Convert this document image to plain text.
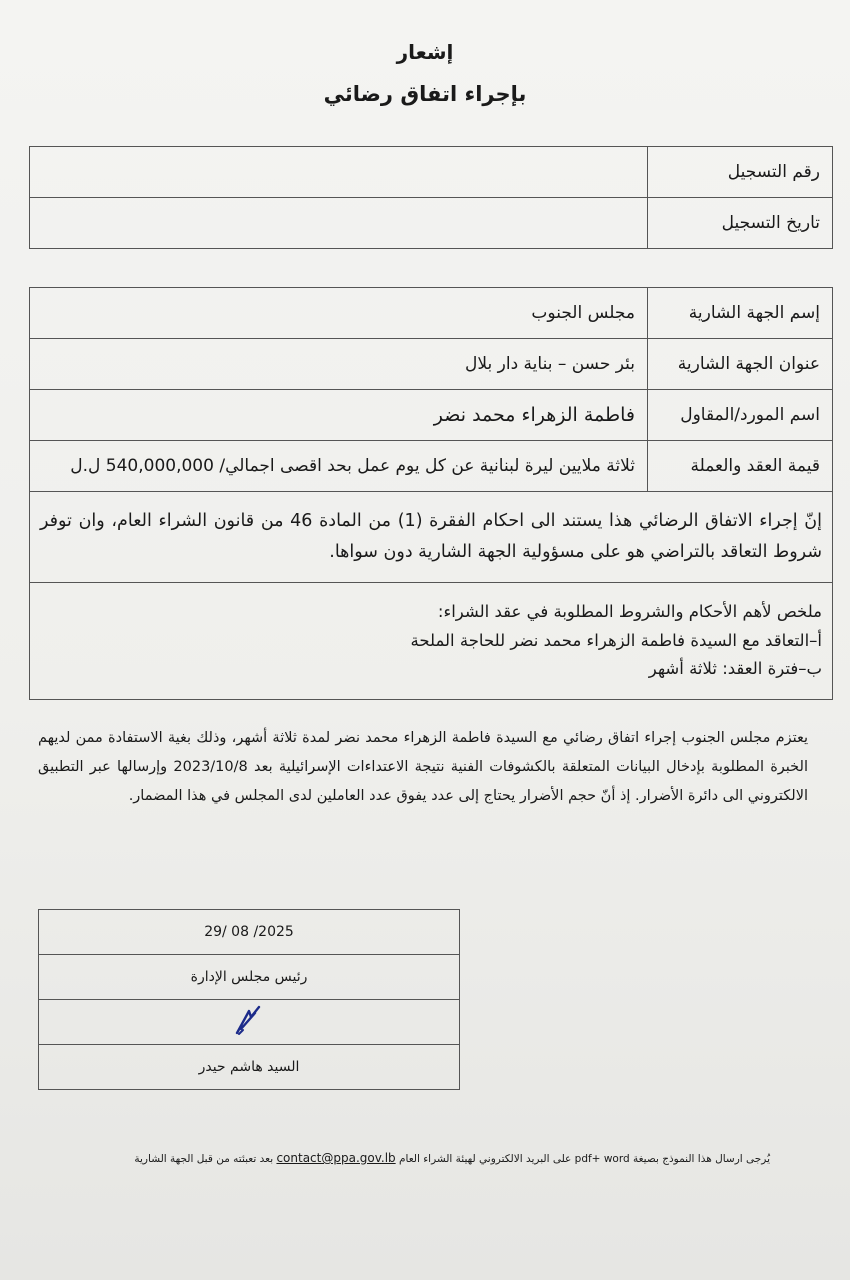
إشعار
بإجراء اتفاق رضائي
رقم التسجيل	
تاريخ التسجيل	
إسم الجهة الشارية	مجلس الجنوب
عنوان الجهة الشارية	بئر حسن – بناية دار بلال
اسم المورد/المقاول	فاطمة الزهراء محمد نضر
قيمة العقد والعملة	ثلاثة ملايين ليرة لبنانية عن كل يوم عمل بحد اقصى اجمالي/ 540,000,000 ل.ل
إنّ إجراء الاتفاق الرضائي هذا يستند الى احكام الفقرة (1) من المادة 46 من قانون الشراء العام، وان توفر شروط التعاقد بالتراضي هو على مسؤولية الجهة الشارية دون سواها.	

ملخص لأهم الأحكام والشروط المطلوبة في عقد الشراء:
أ–التعاقد مع السيدة فاطمة الزهراء محمد نضر للحاجة الملحة
ب–فترة العقد: ثلاثة أشهر	
يعتزم مجلس الجنوب إجراء اتفاق رضائي مع السيدة فاطمة الزهراء محمد نضر لمدة ثلاثة أشهر، وذلك بغية الاستفادة ممن لديهم الخبرة المطلوبة بإدخال البيانات المتعلقة بالكشوفات الفنية نتيجة الاعتداءات الإسرائيلية بعد 2023/10/8 وإرسالها عبر التطبيق الالكتروني الى دائرة الأضرار. إذ أنّ حجم الأضرار يحتاج إلى عدد يفوق عدد العاملين لدى المجلس في هذا المضمار.
29/ 08 /2025
رئيس مجلس الإدارة

السيد هاشم حيدر
يُرجى ارسال هذا النموذج بصيغة pdf+ word على البريد الالكتروني لهيئة الشراء العام contact@ppa.gov.lb بعد تعبئته من قبل الجهة الشارية
